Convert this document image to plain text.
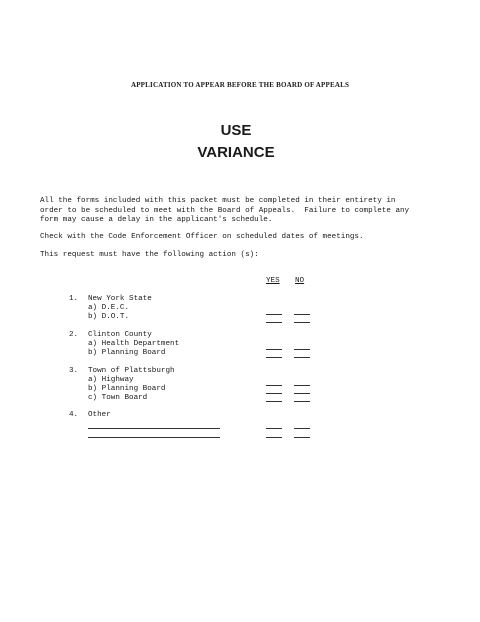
APPLICATION TO APPEAR BEFORE THE BOARD OF APPEALS
USE
VARIANCE
All the forms included with this packet must be completed in their entirety in
order to be scheduled to meet with the Board of Appeals.  Failure to complete any
form may cause a delay in the applicant's schedule.
Check with the Code Enforcement Officer on scheduled dates of meetings.
This request must have the following action (s):
YES NO
1. New York State
a) D.E.C.
b) D.O.T.
2. Clinton County
a) Health Department
b) Planning Board
3. Town of Plattsburgh
a) Highway
b) Planning Board
c) Town Board
4. Other
